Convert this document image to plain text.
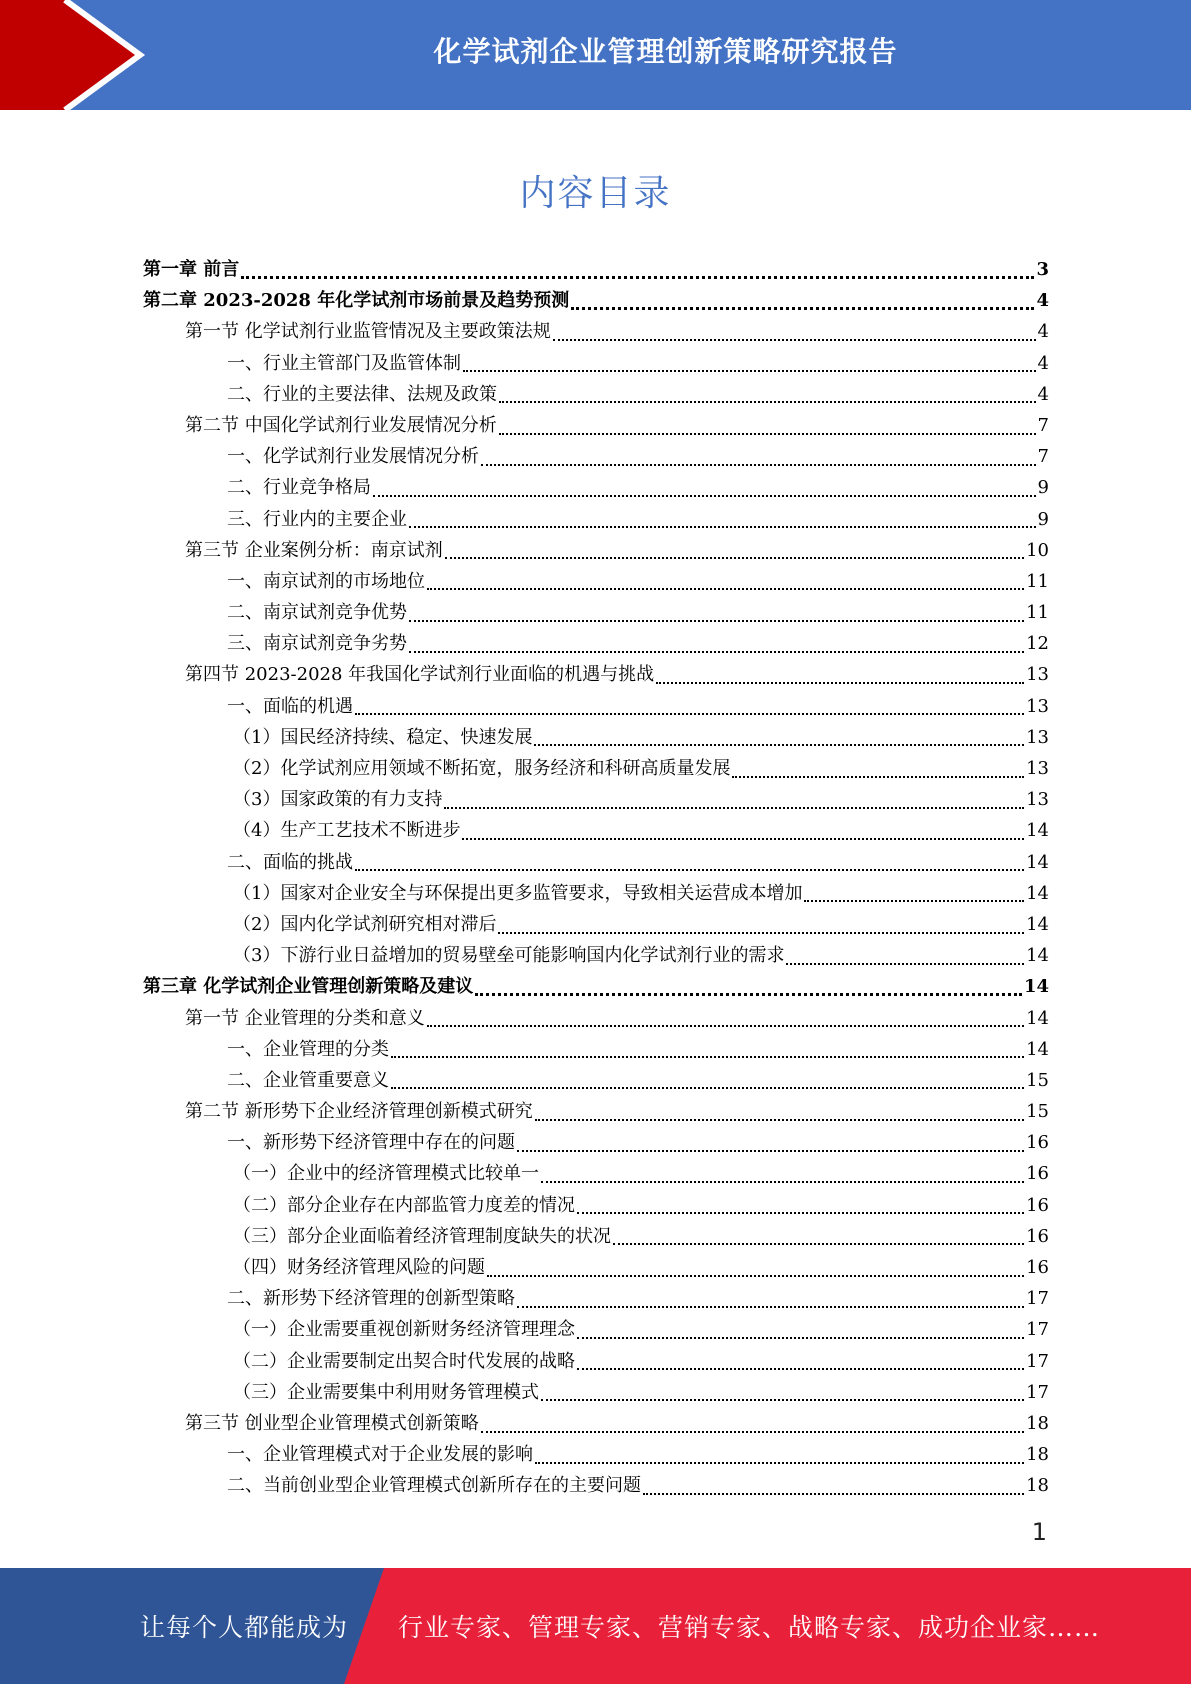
化学试剂企业管理创新策略研究报告
内容目录
第一章 前言	3
第二章 2023-2028 年化学试剂市场前景及趋势预测	4
第一节 化学试剂行业监管情况及主要政策法规	4
一、行业主管部门及监管体制	4
二、行业的主要法律、法规及政策	4
第二节 中国化学试剂行业发展情况分析	7
一、化学试剂行业发展情况分析	7
二、行业竞争格局	9
三、行业内的主要企业	9
第三节 企业案例分析：南京试剂	10
一、南京试剂的市场地位	11
二、南京试剂竞争优势	11
三、南京试剂竞争劣势	12
第四节 2023-2028 年我国化学试剂行业面临的机遇与挑战	13
一、面临的机遇	13
（1）国民经济持续、稳定、快速发展	13
（2）化学试剂应用领域不断拓宽，服务经济和科研高质量发展	13
（3）国家政策的有力支持	13
（4）生产工艺技术不断进步	14
二、面临的挑战	14
（1）国家对企业安全与环保提出更多监管要求，导致相关运营成本增加	14
（2）国内化学试剂研究相对滞后	14
（3）下游行业日益增加的贸易壁垒可能影响国内化学试剂行业的需求	14
第三章 化学试剂企业管理创新策略及建议	14
第一节 企业管理的分类和意义	14
一、企业管理的分类	14
二、企业管重要意义	15
第二节 新形势下企业经济管理创新模式研究	15
一、新形势下经济管理中存在的问题	16
（一）企业中的经济管理模式比较单一	16
（二）部分企业存在内部监管力度差的情况	16
（三）部分企业面临着经济管理制度缺失的状况	16
（四）财务经济管理风险的问题	16
二、新形势下经济管理的创新型策略	17
（一）企业需要重视创新财务经济管理理念	17
（二）企业需要制定出契合时代发展的战略	17
（三）企业需要集中利用财务管理模式	17
第三节 创业型企业管理模式创新策略	18
一、企业管理模式对于企业发展的影响	18
二、当前创业型企业管理模式创新所存在的主要问题	18
1
让每个人都能成为 行业专家、管理专家、营销专家、战略专家、成功企业家……
